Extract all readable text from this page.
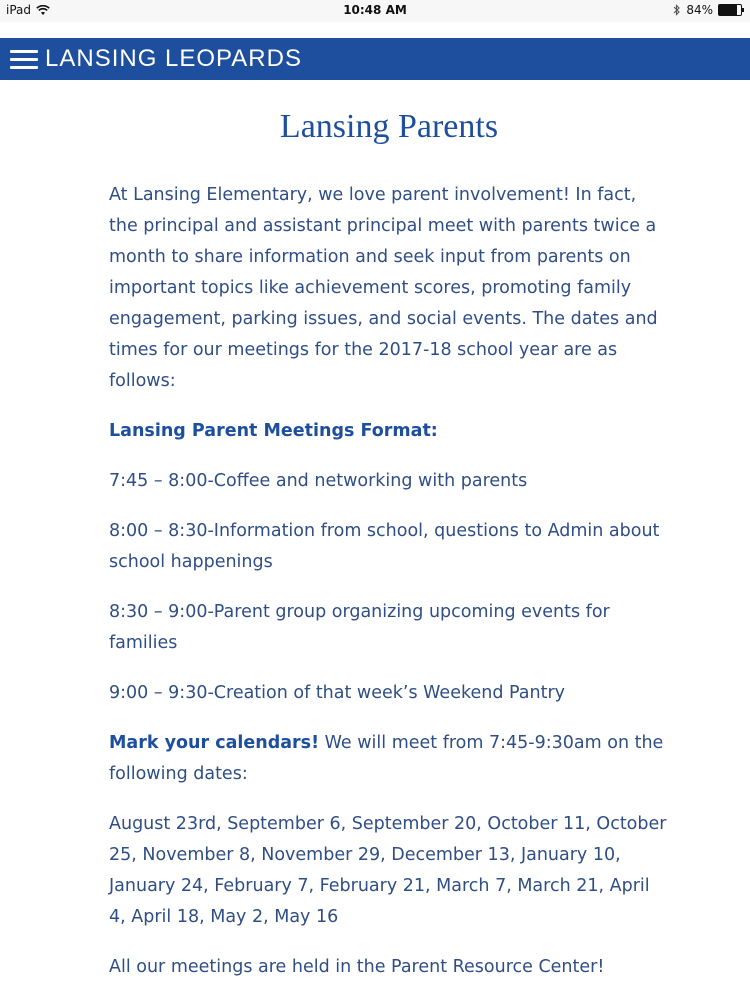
iPad	10:48 AM	84%
LANSING LEOPARDS
Lansing Parents

At Lansing Elementary, we love parent involvement! In fact, the principal and assistant principal meet with parents twice a month to share information and seek input from parents on important topics like achievement scores, promoting family engagement, parking issues, and social events. The dates and times for our meetings for the 2017-18 school year are as follows:

Lansing Parent Meetings Format:

7:45 – 8:00-Coffee and networking with parents

8:00 – 8:30-Information from school, questions to Admin about school happenings

8:30 – 9:00-Parent group organizing upcoming events for families

9:00 – 9:30-Creation of that week’s Weekend Pantry

Mark your calendars! We will meet from 7:45-9:30am on the following dates:

August 23rd, September 6, September 20, October 11, October 25, November 8, November 29, December 13, January 10, January 24, February 7, February 21, March 7, March 21, April 4, April 18, May 2, May 16

All our meetings are held in the Parent Resource Center!
